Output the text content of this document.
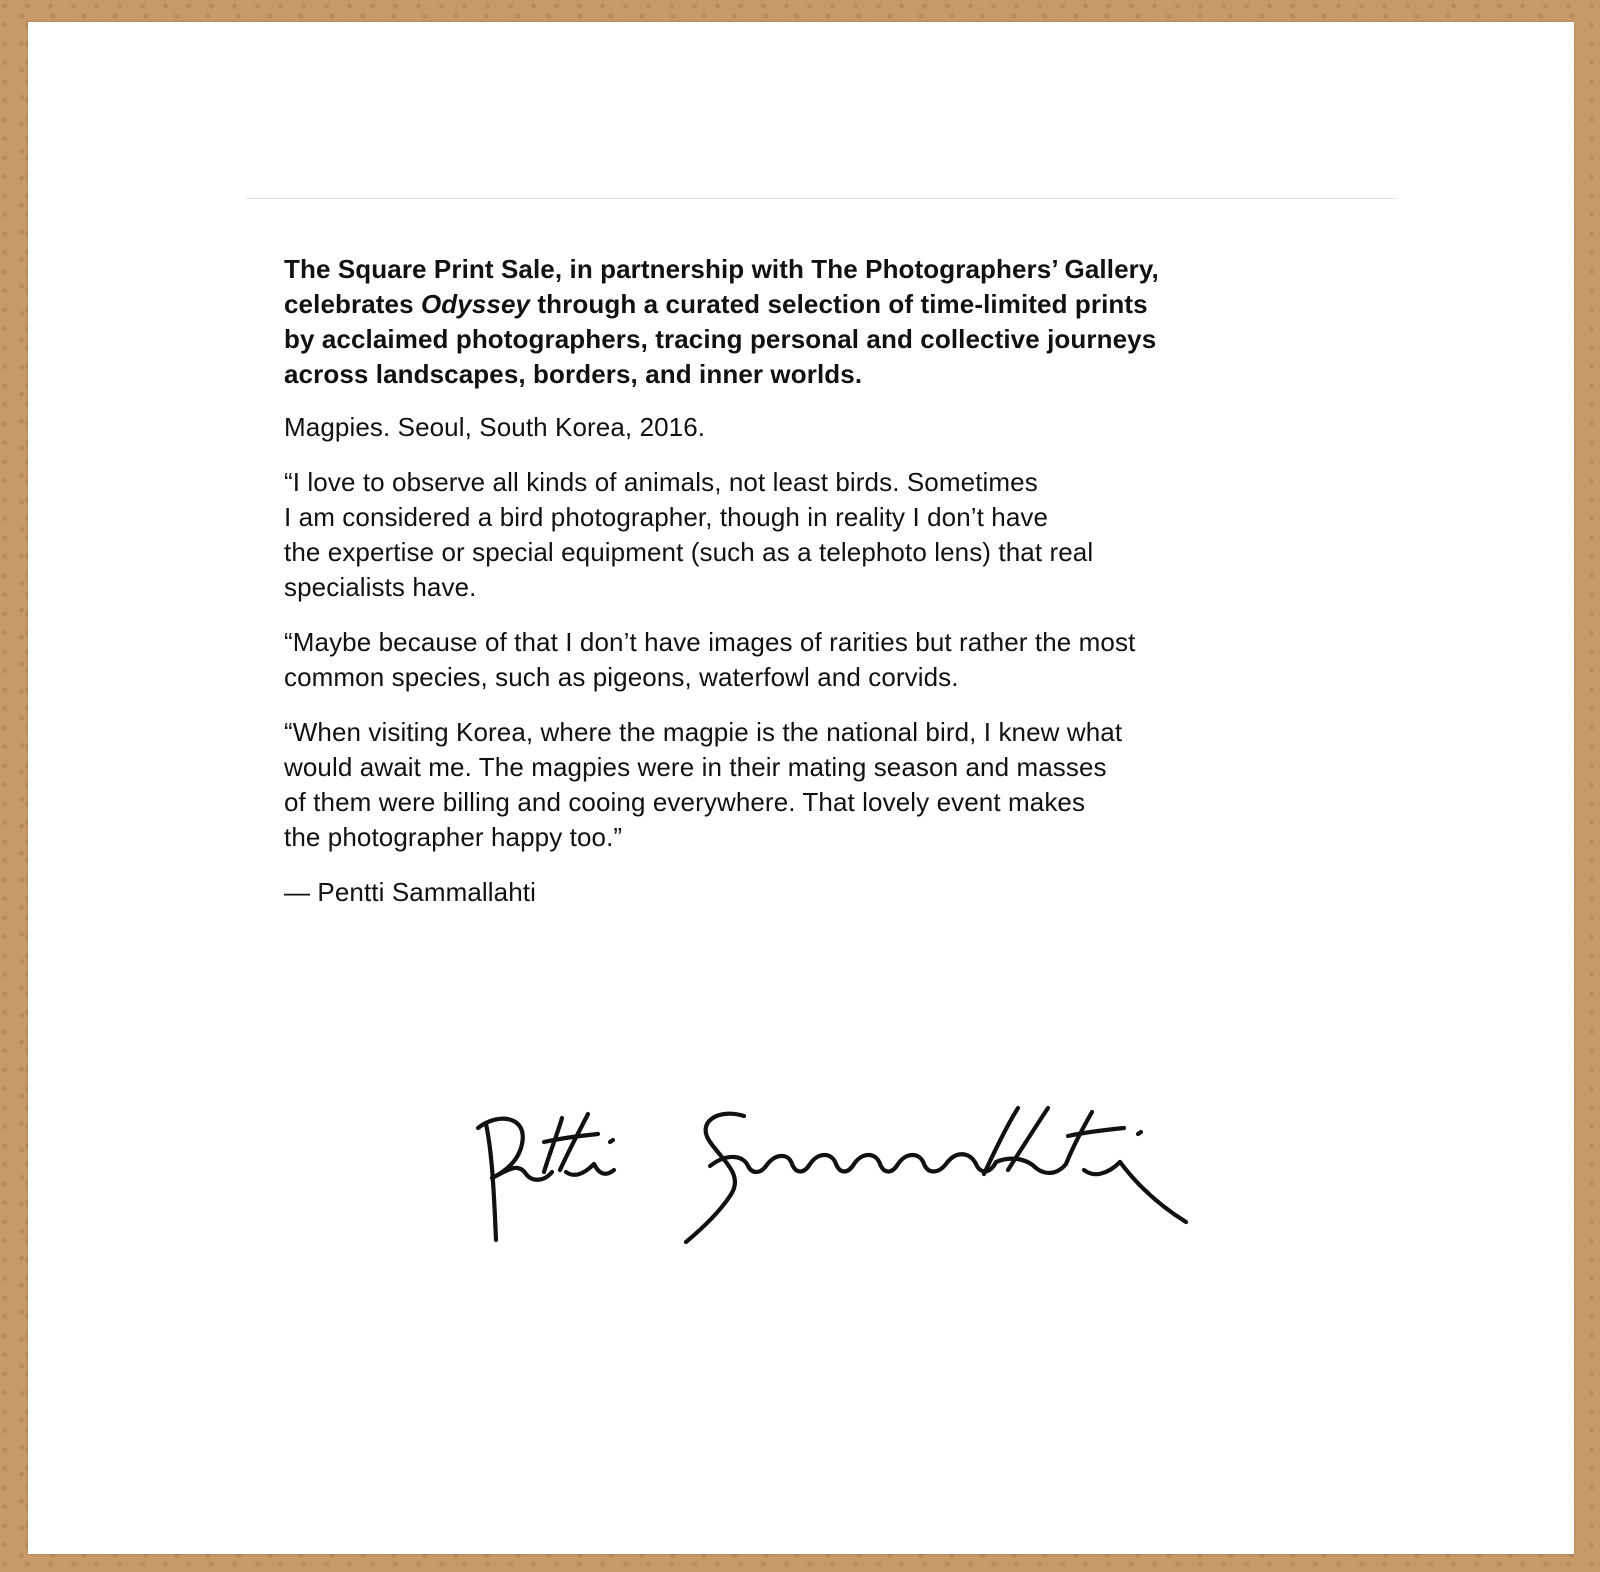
The Square Print Sale, in partnership with The Photographers’ Gallery,
celebrates Odyssey through a curated selection of time-limited prints
by acclaimed photographers, tracing personal and collective journeys
across landscapes, borders, and inner worlds.

Magpies. Seoul, South Korea, 2016.

“I love to observe all kinds of animals, not least birds. Sometimes
I am considered a bird photographer, though in reality I don’t have
the expertise or special equipment (such as a telephoto lens) that real
specialists have.

“Maybe because of that I don’t have images of rarities but rather the most
common species, such as pigeons, waterfowl and corvids.

“When visiting Korea, where the magpie is the national bird, I knew what
would await me. The magpies were in their mating season and masses
of them were billing and cooing everywhere. That lovely event makes
the photographer happy too.”

— Pentti Sammallahti
